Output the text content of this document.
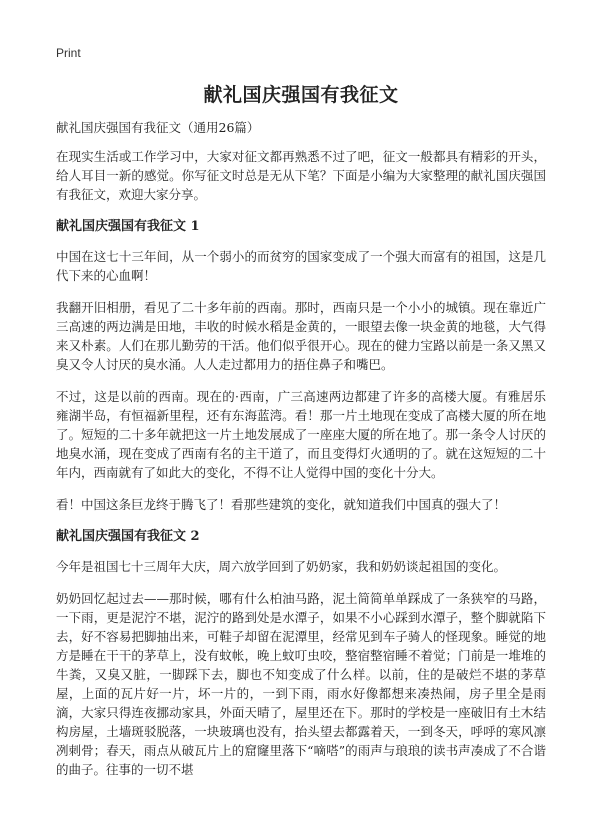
Print
献礼国庆强国有我征文

献礼国庆强国有我征文（通用26篇）

在现实生活或工作学习中，大家对征文都再熟悉不过了吧，征文一般都具有精彩的开头，给人耳目一新的感觉。你写征文时总是无从下笔？下面是小编为大家整理的献礼国庆强国有我征文，欢迎大家分享。

献礼国庆强国有我征文 1

中国在这七十三年间，从一个弱小的而贫穷的国家变成了一个强大而富有的祖国，这是几代下来的心血啊！

我翻开旧相册，看见了二十多年前的西南。那时，西南只是一个小小的城镇。现在靠近广三高速的两边满是田地，丰收的时候水稻是金黄的，一眼望去像一块金黄的地毯，大气得来又朴素。人们在那儿勤劳的干活。他们似乎很开心。现在的健力宝路以前是一条又黑又臭又令人讨厌的臭水涌。人人走过都用力的捂住鼻子和嘴巴。

不过，这是以前的西南。现在的·西南，广三高速两边都建了许多的高楼大厦。有雅居乐雍湖半岛，有恒福新里程，还有东海蓝湾。看！那一片土地现在变成了高楼大厦的所在地了。短短的二十多年就把这一片土地发展成了一座座大厦的所在地了。那一条令人讨厌的地臭水涌，现在变成了西南有名的主干道了，而且变得灯火通明的了。就在这短短的二十年内，西南就有了如此大的变化，不得不让人觉得中国的变化十分大。

看！中国这条巨龙终于腾飞了！看那些建筑的变化，就知道我们中国真的强大了！

献礼国庆强国有我征文 2

今年是祖国七十三周年大庆，周六放学回到了奶奶家，我和奶奶谈起祖国的变化。

奶奶回忆起过去——那时候，哪有什么柏油马路，泥土简简单单踩成了一条狭窄的马路，一下雨，更是泥泞不堪，泥泞的路到处是水潭子，如果不小心踩到水潭子，整个脚就陷下去，好不容易把脚抽出来，可鞋子却留在泥潭里，经常见到车子骑人的怪现象。睡觉的地方是睡在干干的茅草上，没有蚊帐，晚上蚊叮虫咬，整宿整宿睡不着觉；门前是一堆堆的牛粪，又臭又脏，一脚踩下去，脚也不知变成了什么样。以前，住的是破烂不堪的茅草屋，上面的瓦片好一片，坏一片的，一到下雨，雨水好像都想来凑热闹，房子里全是雨滴，大家只得连夜挪动家具，外面天晴了，屋里还在下。那时的学校是一座破旧有土木结构房屋，土墙斑驳脱落，一块玻璃也没有，抬头望去都露着天，一到冬天，呼呼的寒风凛冽刺骨；春天，雨点从破瓦片上的窟窿里落下“嘀嗒”的雨声与琅琅的读书声凑成了不合谐的曲子。往事的一切不堪
